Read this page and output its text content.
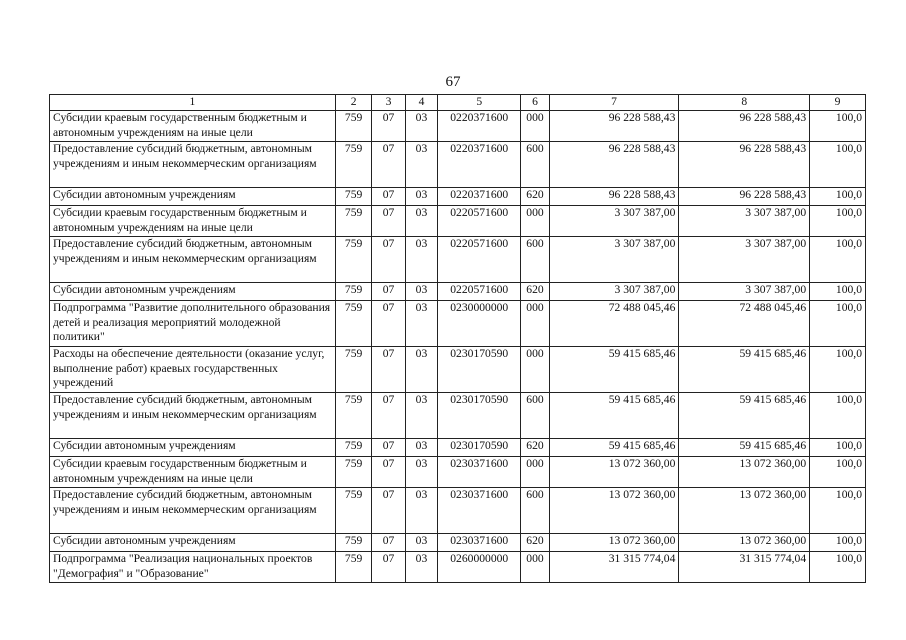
67
1	2	3	4	5	6	7	8	9
Субсидии краевым государственным бюджетным и автономным учреждениям на иные цели	759	07	03	0220371600	000	96 228 588,43	96 228 588,43	100,0
Предоставление субсидий бюджетным, автономным учреждениям и иным некоммерческим организациям	759	07	03	0220371600	600	96 228 588,43	96 228 588,43	100,0
Субсидии автономным учреждениям	759	07	03	0220371600	620	96 228 588,43	96 228 588,43	100,0
Субсидии краевым государственным бюджетным и автономным учреждениям на иные цели	759	07	03	0220571600	000	3 307 387,00	3 307 387,00	100,0
Предоставление субсидий бюджетным, автономным учреждениям и иным некоммерческим организациям	759	07	03	0220571600	600	3 307 387,00	3 307 387,00	100,0
Субсидии автономным учреждениям	759	07	03	0220571600	620	3 307 387,00	3 307 387,00	100,0
Подпрограмма "Развитие дополнительного образования детей и реализация мероприятий молодежной политики"	759	07	03	0230000000	000	72 488 045,46	72 488 045,46	100,0
Расходы на обеспечение деятельности (оказание услуг, выполнение работ) краевых государственных учреждений	759	07	03	0230170590	000	59 415 685,46	59 415 685,46	100,0
Предоставление субсидий бюджетным, автономным учреждениям и иным некоммерческим организациям	759	07	03	0230170590	600	59 415 685,46	59 415 685,46	100,0
Субсидии автономным учреждениям	759	07	03	0230170590	620	59 415 685,46	59 415 685,46	100,0
Субсидии краевым государственным бюджетным и автономным учреждениям на иные цели	759	07	03	0230371600	000	13 072 360,00	13 072 360,00	100,0
Предоставление субсидий бюджетным, автономным учреждениям и иным некоммерческим организациям	759	07	03	0230371600	600	13 072 360,00	13 072 360,00	100,0
Субсидии автономным учреждениям	759	07	03	0230371600	620	13 072 360,00	13 072 360,00	100,0
Подпрограмма "Реализация национальных проектов "Демография" и "Образование"	759	07	03	0260000000	000	31 315 774,04	31 315 774,04	100,0
